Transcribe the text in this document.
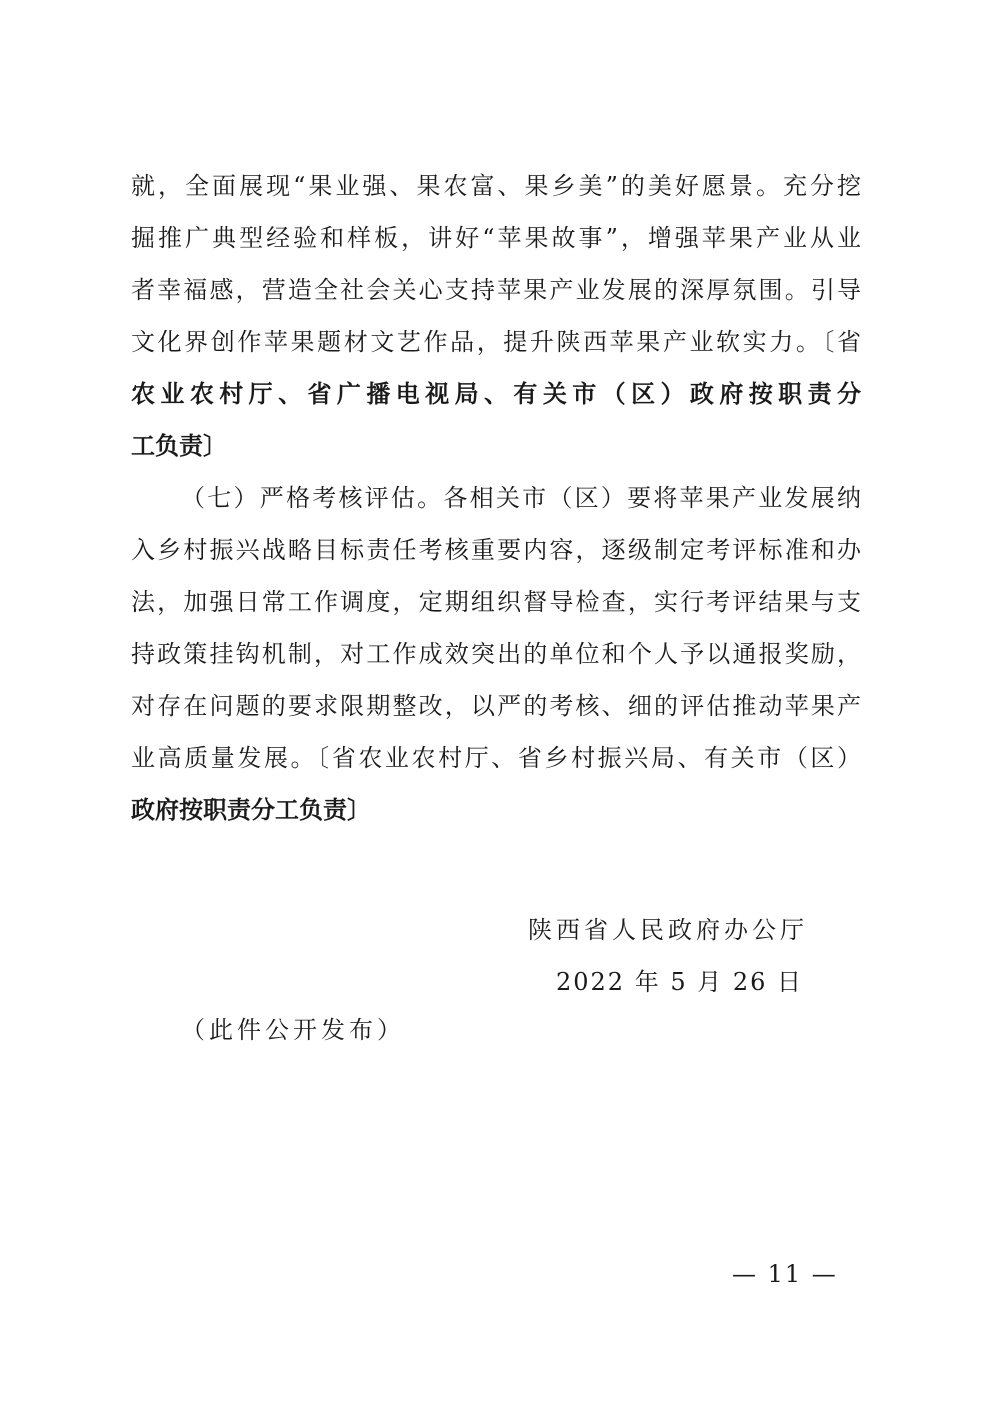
就，全面展现“果业强、果农富、果乡美”的美好愿景。充分挖
掘推广典型经验和样板，讲好“苹果故事”，增强苹果产业从业
者幸福感，营造全社会关心支持苹果产业发展的深厚氛围。引导
文化界创作苹果题材文艺作品，提升陕西苹果产业软实力。〔省
农业农村厅、省广播电视局、有关市（区）政府按职责分
工负责〕
（七）严格考核评估。各相关市（区）要将苹果产业发展纳
入乡村振兴战略目标责任考核重要内容，逐级制定考评标准和办
法，加强日常工作调度，定期组织督导检查，实行考评结果与支
持政策挂钩机制，对工作成效突出的单位和个人予以通报奖励，
对存在问题的要求限期整改，以严的考核、细的评估推动苹果产
业高质量发展。〔省农业农村厅、省乡村振兴局、有关市（区）
政府按职责分工负责〕
陕西省人民政府办公厅
2022 年 5 月 26 日
（此件公开发布）
— 11 —
